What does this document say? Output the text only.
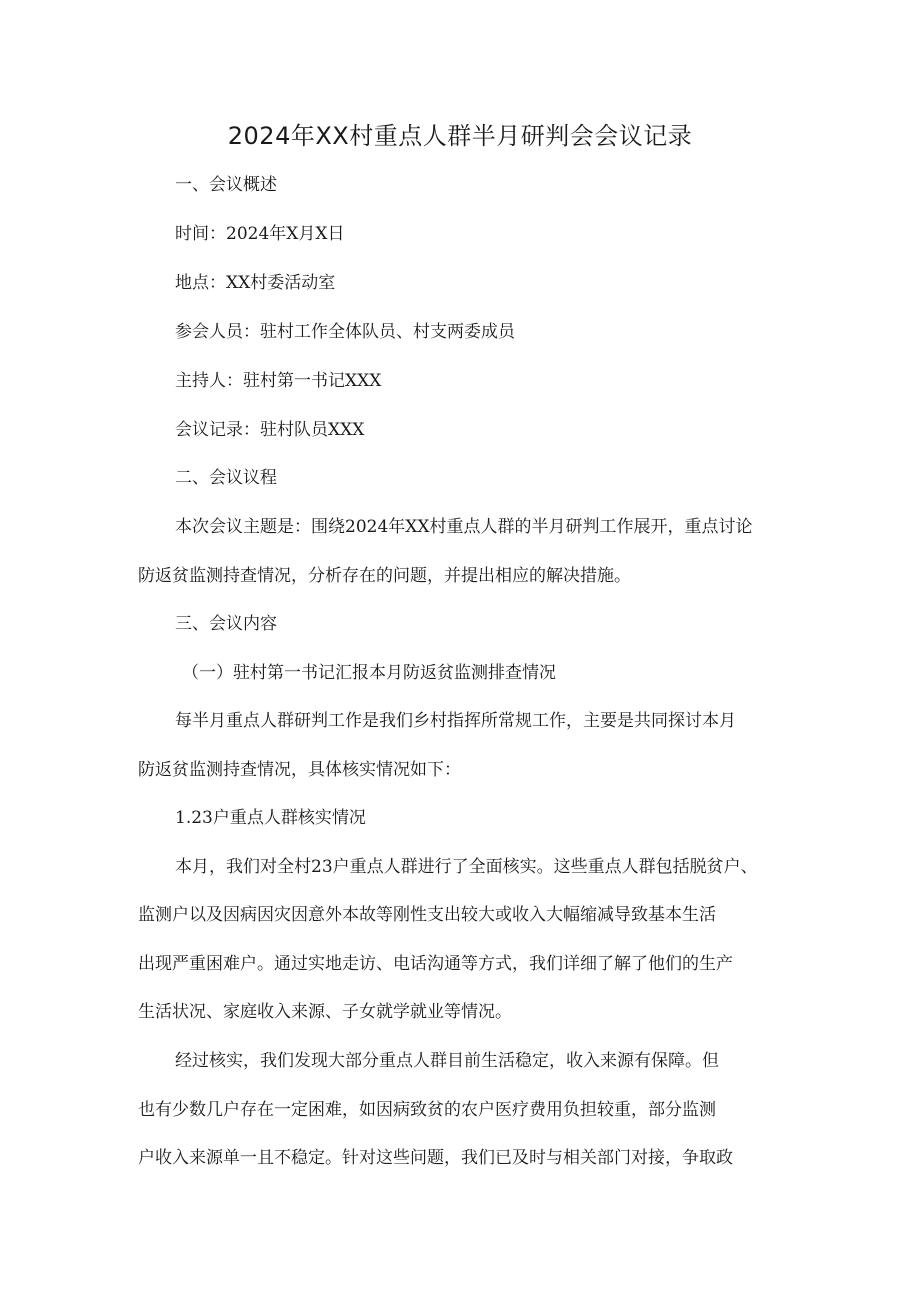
2024年XX村重点人群半月研判会会议记录
一、会议概述
时间：2024年X月X日
地点：XX村委活动室
参会人员：驻村工作全体队员、村支两委成员
主持人：驻村第一书记XXX
会议记录：驻村队员XXX
二、会议议程
本次会议主题是：围绕2024年XX村重点人群的半月研判工作展开，重点讨论
防返贫监测持查情况，分析存在的问题，并提出相应的解决措施。
三、会议内容
（一）驻村第一书记汇报本月防返贫监测排查情况
每半月重点人群研判工作是我们乡村指挥所常规工作，主要是共同探讨本月
防返贫监测持查情况，具体核实情况如下：
1.23户重点人群核实情况
本月，我们对全村23户重点人群进行了全面核实。这些重点人群包括脱贫户、
监测户以及因病因灾因意外本故等刚性支出较大或收入大幅缩减导致基本生活
出现严重困难户。通过实地走访、电话沟通等方式，我们详细了解了他们的生产
生活状况、家庭收入来源、子女就学就业等情况。
经过核实，我们发现大部分重点人群目前生活稳定，收入来源有保障。但
也有少数几户存在一定困难，如因病致贫的农户医疗费用负担较重，部分监测
户收入来源单一且不稳定。针对这些问题，我们已及时与相关部门对接，争取政
